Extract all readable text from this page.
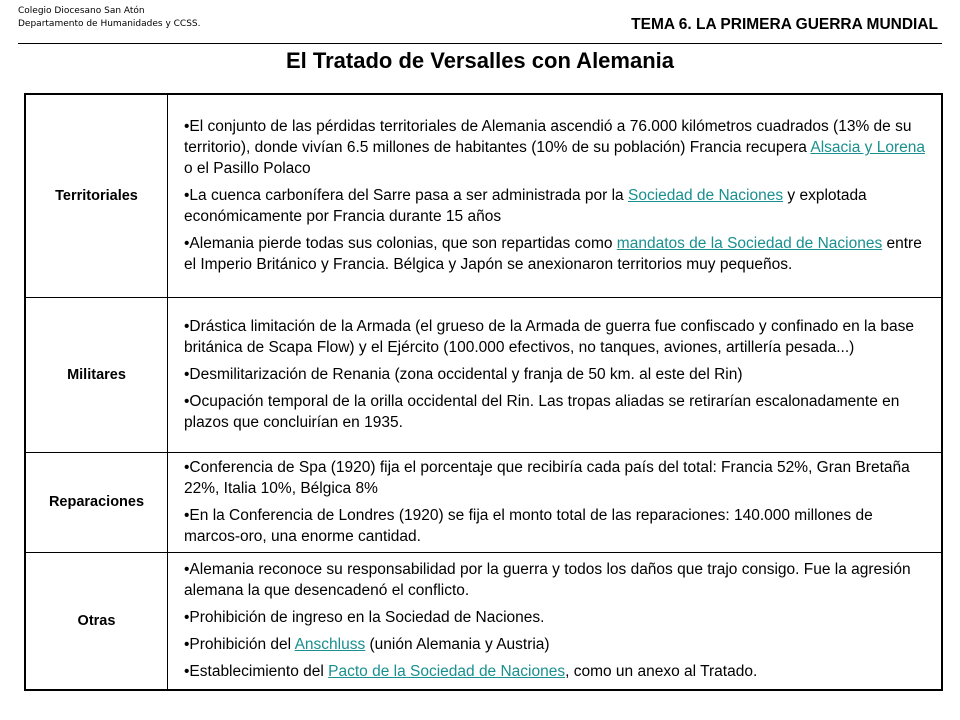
Colegio Diocesano San Atón
Departamento de Humanidades y CCSS.	TEMA 6. LA PRIMERA GUERRA MUNDIAL
El Tratado de Versalles con Alemania
Territoriales	•El conjunto de las pérdidas territoriales de Alemania ascendió a 76.000 kilómetros cuadrados (13% de su territorio), donde vivían 6.5 millones de habitantes (10% de su población) Francia recupera Alsacia y Lorena o el Pasillo Polaco

•La cuenca carbonífera del Sarre pasa a ser administrada por la Sociedad de Naciones y explotada económicamente por Francia durante 15 años

•Alemania pierde todas sus colonias, que son repartidas como mandatos de la Sociedad de Naciones entre el Imperio Británico y Francia. Bélgica y Japón se anexionaron territorios muy pequeños.

Militares	•Drástica limitación de la Armada (el grueso de la Armada de guerra fue confiscado y confinado en la base británica de Scapa Flow) y el Ejército (100.000 efectivos, no tanques, aviones, artillería pesada...)

•Desmilitarización de Renania (zona occidental y franja de 50 km. al este del Rin)

•Ocupación temporal de la orilla occidental del Rin. Las tropas aliadas se retirarían escalonadamente en plazos que concluirían en 1935.

Reparaciones	•Conferencia de Spa (1920) fija el porcentaje que recibiría cada país del total: Francia 52%, Gran Bretaña 22%, Italia 10%, Bélgica 8%

•En la Conferencia de Londres (1920) se fija el monto total de las reparaciones: 140.000 millones de marcos-oro, una enorme cantidad.

Otras	•Alemania reconoce su responsabilidad por la guerra y todos los daños que trajo consigo. Fue la agresión alemana la que desencadenó el conflicto.

•Prohibición de ingreso en la Sociedad de Naciones.

•Prohibición del Anschluss (unión Alemania y Austria)

•Establecimiento del Pacto de la Sociedad de Naciones, como un anexo al Tratado.
